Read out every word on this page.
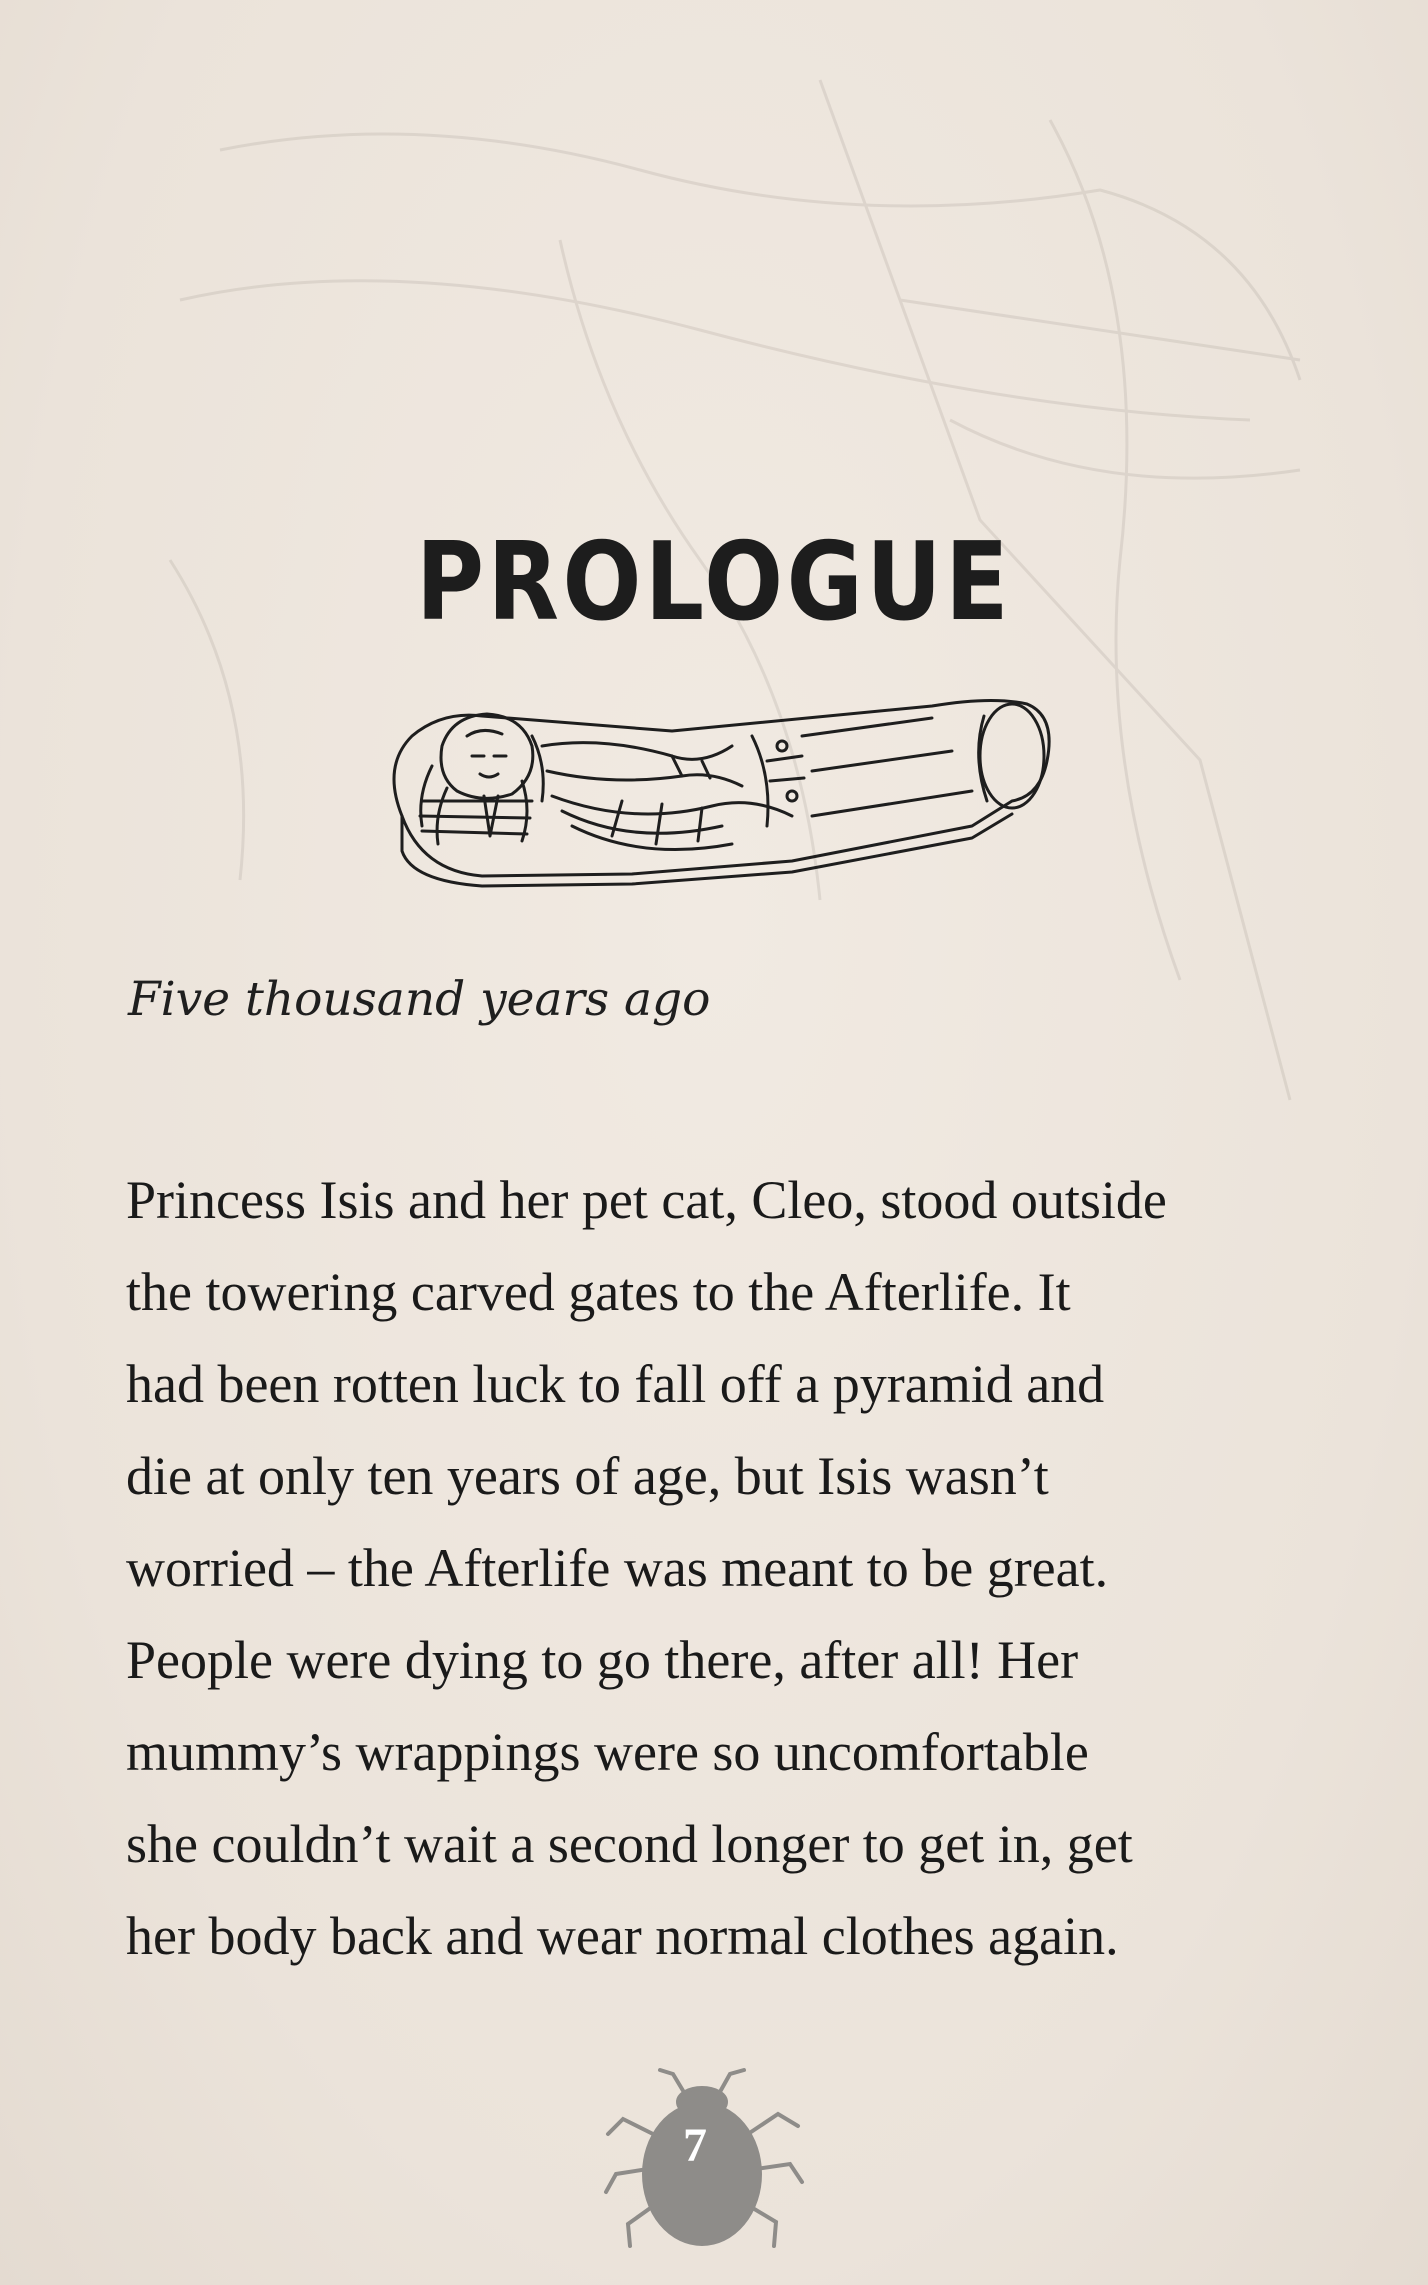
PROLOGUE
Five thousand years ago
Princess Isis and her pet cat, Cleo, stood outside
the towering carved gates to the Afterlife. It
had been rotten luck to fall off a pyramid and
die at only ten years of age, but Isis wasn’t
worried – the Afterlife was meant to be great.
People were dying to go there, after all! Her
mummy’s wrappings were so uncomfortable
she couldn’t wait a second longer to get in, get
her body back and wear normal clothes again.
7
